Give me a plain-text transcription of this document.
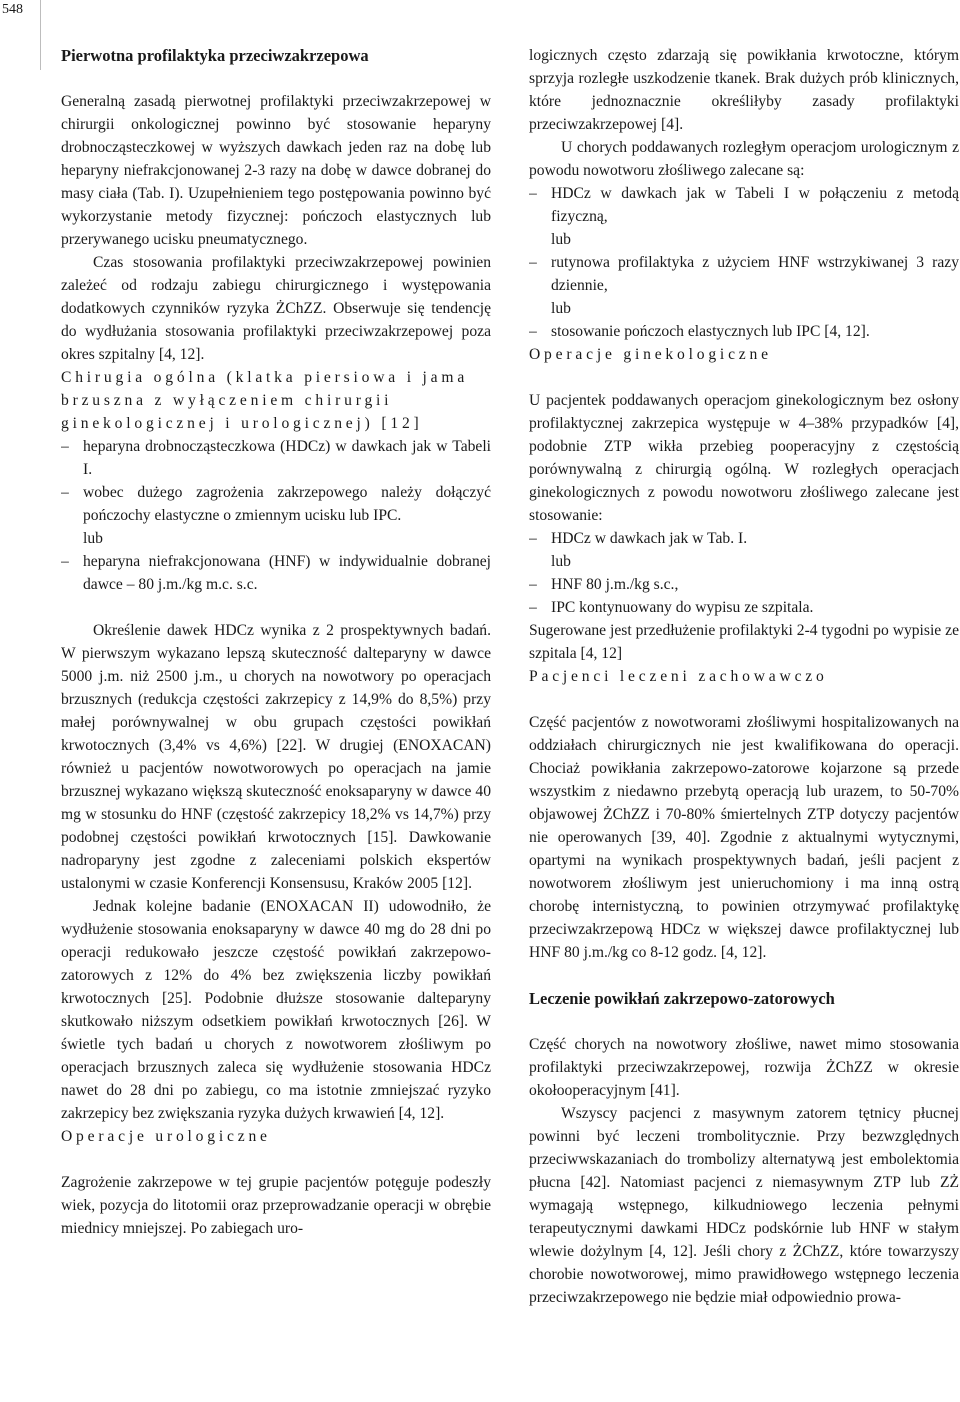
548
Pierwotna profilaktyka przeciwzakrzepowa

Generalną zasadą pierwotnej profilaktyki przeciwzakrzepowej w chirurgii onkologicznej powinno być stosowanie heparyny drobnocząsteczkowej w wyższych dawkach jeden raz na dobę lub heparyny niefrakcjonowanej 2-3 razy na dobę w dawce dobranej do masy ciała (Tab. I). Uzupełnieniem tego postępowania powinno być wykorzystanie metody fizycznej: pończoch elastycznych lub przerywanego ucisku pneumatycznego.

Czas stosowania profilaktyki przeciwzakrzepowej powinien zależeć od rodzaju zabiegu chirurgicznego i występowania dodatkowych czynników ryzyka ŻChZZ. Obserwuje się tendencję do wydłużania stosowania profilaktyki przeciwzakrzepowej poza okres szpitalny [4, 12].

Chirugia ogólna (klatka piersiowa i jama brzuszna z wyłączeniem chirurgii ginekologicznej i urologicznej) [12]
– heparyna drobnocząsteczkowa (HDCz) w dawkach jak w Tabeli I.
– wobec dużego zagrożenia zakrzepowego należy dołączyć pończochy elastyczne o zmiennym ucisku lub IPC.
lub
– heparyna niefrakcjonowana (HNF) w indywidualnie dobranej dawce – 80 j.m./kg m.c. s.c.

Określenie dawek HDCz wynika z 2 prospektywnych badań. W pierwszym wykazano lepszą skuteczność dalteparyny w dawce 5000 j.m. niż 2500 j.m., u chorych na nowotwory po operacjach brzusznych (redukcja częstości zakrzepicy z 14,9% do 8,5%) przy małej porównywalnej w obu grupach częstości powikłań krwotocznych (3,4% vs 4,6%) [22]. W drugiej (ENOXACAN) również u pacjentów nowotworowych po operacjach na jamie brzusznej wykazano większą skuteczność enoksaparyny w dawce 40 mg w stosunku do HNF (częstość zakrzepicy 18,2% vs 14,7%) przy podobnej częstości powikłań krwotocznych [15]. Dawkowanie nadroparyny jest zgodne z zaleceniami polskich ekspertów ustalonymi w czasie Konferencji Konsensusu, Kraków 2005 [12].

Jednak kolejne badanie (ENOXACAN II) udowodniło, że wydłużenie stosowania enoksaparyny w dawce 40 mg do 28 dni po operacji redukowało jeszcze częstość powikłań zakrzepowo-zatorowych z 12% do 4% bez zwiększenia liczby powikłań krwotocznych [25]. Podobnie dłuższe stosowanie dalteparyny skutkowało niższym odsetkiem powikłań krwotocznych [26]. W świetle tych badań u chorych z nowotworem złośliwym po operacjach brzusznych zaleca się wydłużenie stosowania HDCz nawet do 28 dni po zabiegu, co ma istotnie zmniejszać ryzyko zakrzepicy bez zwiększania ryzyka dużych krwawień [4, 12].

Operacje urologiczne

Zagrożenie zakrzepowe w tej grupie pacjentów potęguje podeszły wiek, pozycja do litotomii oraz przeprowadzanie operacji w obrębie miednicy mniejszej. Po zabiegach uro-

logicznych często zdarzają się powikłania krwotoczne, którym sprzyja rozległe uszkodzenie tkanek. Brak dużych prób klinicznych, które jednoznacznie określiłyby zasady profilaktyki przeciwzakrzepowej [4].

U chorych poddawanych rozległym operacjom urologicznym z powodu nowotworu złośliwego zalecane są:

– HDCz w dawkach jak w Tabeli I w połączeniu z metodą fizyczną,
lub
– rutynowa profilaktyka z użyciem HNF wstrzykiwanej 3 razy dziennie,
lub
– stosowanie pończoch elastycznych lub IPC [4, 12].
Operacje ginekologiczne

U pacjentek poddawanych operacjom ginekologicznym bez osłony profilaktycznej zakrzepica występuje w 4–38% przypadków [4], podobnie ZTP wikła przebieg pooperacyjny z częstością porównywalną z chirurgią ogólną. W rozległych operacjach ginekologicznych z powodu nowotworu złośliwego zalecane jest stosowanie:

– HDCz w dawkach jak w Tab. I.
lub
– HNF 80 j.m./kg s.c.,
– IPC kontynuowany do wypisu ze szpitala.

Sugerowane jest przedłużenie profilaktyki 2-4 tygodni po wypisie ze szpitala [4, 12]

Pacjenci leczeni zachowawczo

Część pacjentów z nowotworami złośliwymi hospitalizowanych na oddziałach chirurgicznych nie jest kwalifikowana do operacji. Chociaż powikłania zakrzepowo-zatorowe kojarzone są przede wszystkim z niedawno przebytą operacją lub urazem, to 50-70% objawowej ŻChZZ i 70-80% śmiertelnych ZTP dotyczy pacjentów nie operowanych [39, 40]. Zgodnie z aktualnymi wytycznymi, opartymi na wynikach prospektywnych badań, jeśli pacjent z nowotworem złośliwym jest unieruchomiony i ma inną ostrą chorobę internistyczną, to powinien otrzymywać profilaktykę przeciwzakrzepową HDCz w większej dawce profilaktycznej lub HNF 80 j.m./kg co 8-12 godz. [4, 12].

Leczenie powikłań zakrzepowo-zatorowych

Część chorych na nowotwory złośliwe, nawet mimo stosowania profilaktyki przeciwzakrzepowej, rozwija ŻChZZ w okresie okołooperacyjnym [41].

Wszyscy pacjenci z masywnym zatorem tętnicy płucnej powinni być leczeni trombolitycznie. Przy bezwzględnych przeciwwskazaniach do trombolizy alternatywą jest embolektomia płucna [42]. Natomiast pacjenci z niemasywnym ZTP lub ZŻ wymagają wstępnego, kilkudniowego leczenia pełnymi terapeutycznymi dawkami HDCz podskórnie lub HNF w stałym wlewie dożylnym [4, 12]. Jeśli chory z ŻChZZ, które towarzyszy chorobie nowotworowej, mimo prawidłowego wstępnego leczenia przeciwzakrzepowego nie będzie miał odpowiednio prowa-
